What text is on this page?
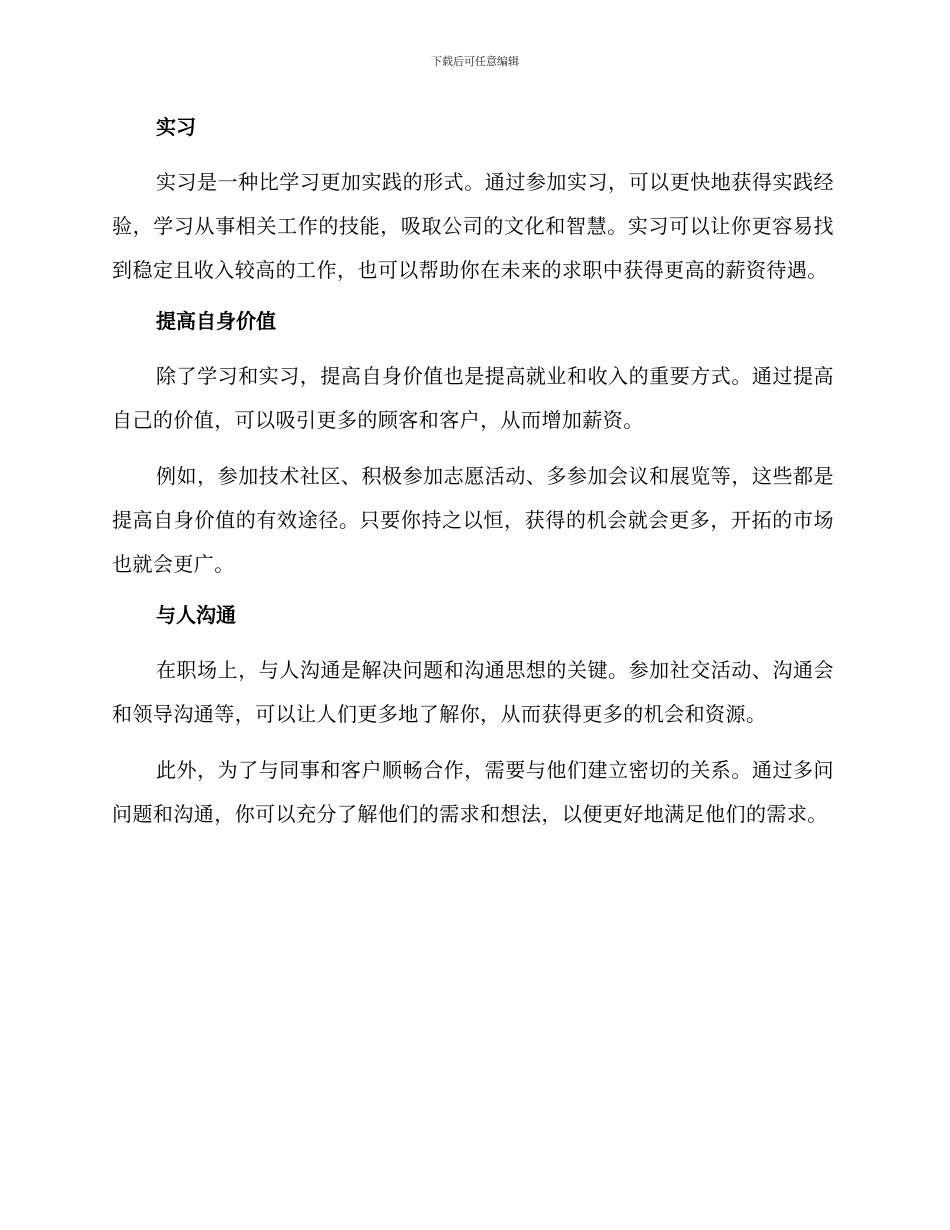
下载后可任意编辑
实习

实习是一种比学习更加实践的形式。通过参加实习，可以更快地获得实践经验，学习从事相关工作的技能，吸取公司的文化和智慧。实习可以让你更容易找到稳定且收入较高的工作，也可以帮助你在未来的求职中获得更高的薪资待遇。

提高自身价值

除了学习和实习，提高自身价值也是提高就业和收入的重要方式。通过提高自己的价值，可以吸引更多的顾客和客户，从而增加薪资。

例如，参加技术社区、积极参加志愿活动、多参加会议和展览等，这些都是提高自身价值的有效途径。只要你持之以恒，获得的机会就会更多，开拓的市场也就会更广。

与人沟通

在职场上，与人沟通是解决问题和沟通思想的关键。参加社交活动、沟通会和领导沟通等，可以让人们更多地了解你，从而获得更多的机会和资源。

此外，为了与同事和客户顺畅合作，需要与他们建立密切的关系。通过多问问题和沟通，你可以充分了解他们的需求和想法，以便更好地满足他们的需求。
